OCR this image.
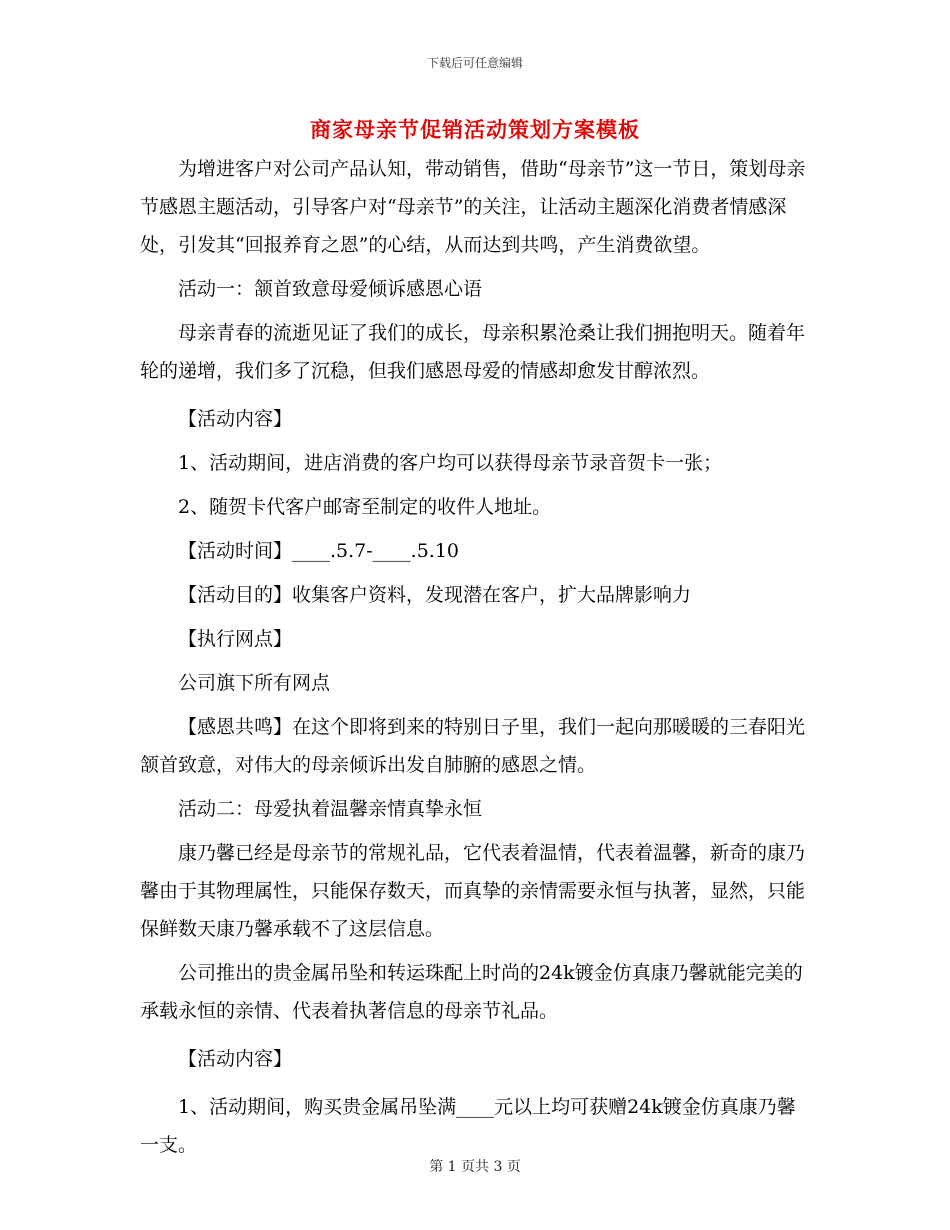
下载后可任意编辑
商家母亲节促销活动策划方案模板

为增进客户对公司产品认知，带动销售，借助“母亲节”这一节日，策划母亲节感恩主题活动，引导客户对“母亲节”的关注，让活动主题深化消费者情感深处，引发其“回报养育之恩”的心结，从而达到共鸣，产生消费欲望。

活动一：颔首致意母爱倾诉感恩心语

母亲青春的流逝见证了我们的成长，母亲积累沧桑让我们拥抱明天。随着年轮的递增，我们多了沉稳，但我们感恩母爱的情感却愈发甘醇浓烈。

【活动内容】

1、活动期间，进店消费的客户均可以获得母亲节录音贺卡一张；

2、随贺卡代客户邮寄至制定的收件人地址。

【活动时间】____.5.7-____.5.10

【活动目的】收集客户资料，发现潜在客户，扩大品牌影响力

【执行网点】

公司旗下所有网点

【感恩共鸣】在这个即将到来的特别日子里，我们一起向那暖暖的三春阳光颔首致意，对伟大的母亲倾诉出发自肺腑的感恩之情。

活动二：母爱执着温馨亲情真挚永恒

康乃馨已经是母亲节的常规礼品，它代表着温情，代表着温馨，新奇的康乃馨由于其物理属性，只能保存数天，而真挚的亲情需要永恒与执著，显然，只能保鲜数天康乃馨承载不了这层信息。

公司推出的贵金属吊坠和转运珠配上时尚的24k镀金仿真康乃馨就能完美的承载永恒的亲情、代表着执著信息的母亲节礼品。

【活动内容】

1、活动期间，购买贵金属吊坠满____元以上均可获赠24k镀金仿真康乃馨一支。

第 1 页共 3 页
